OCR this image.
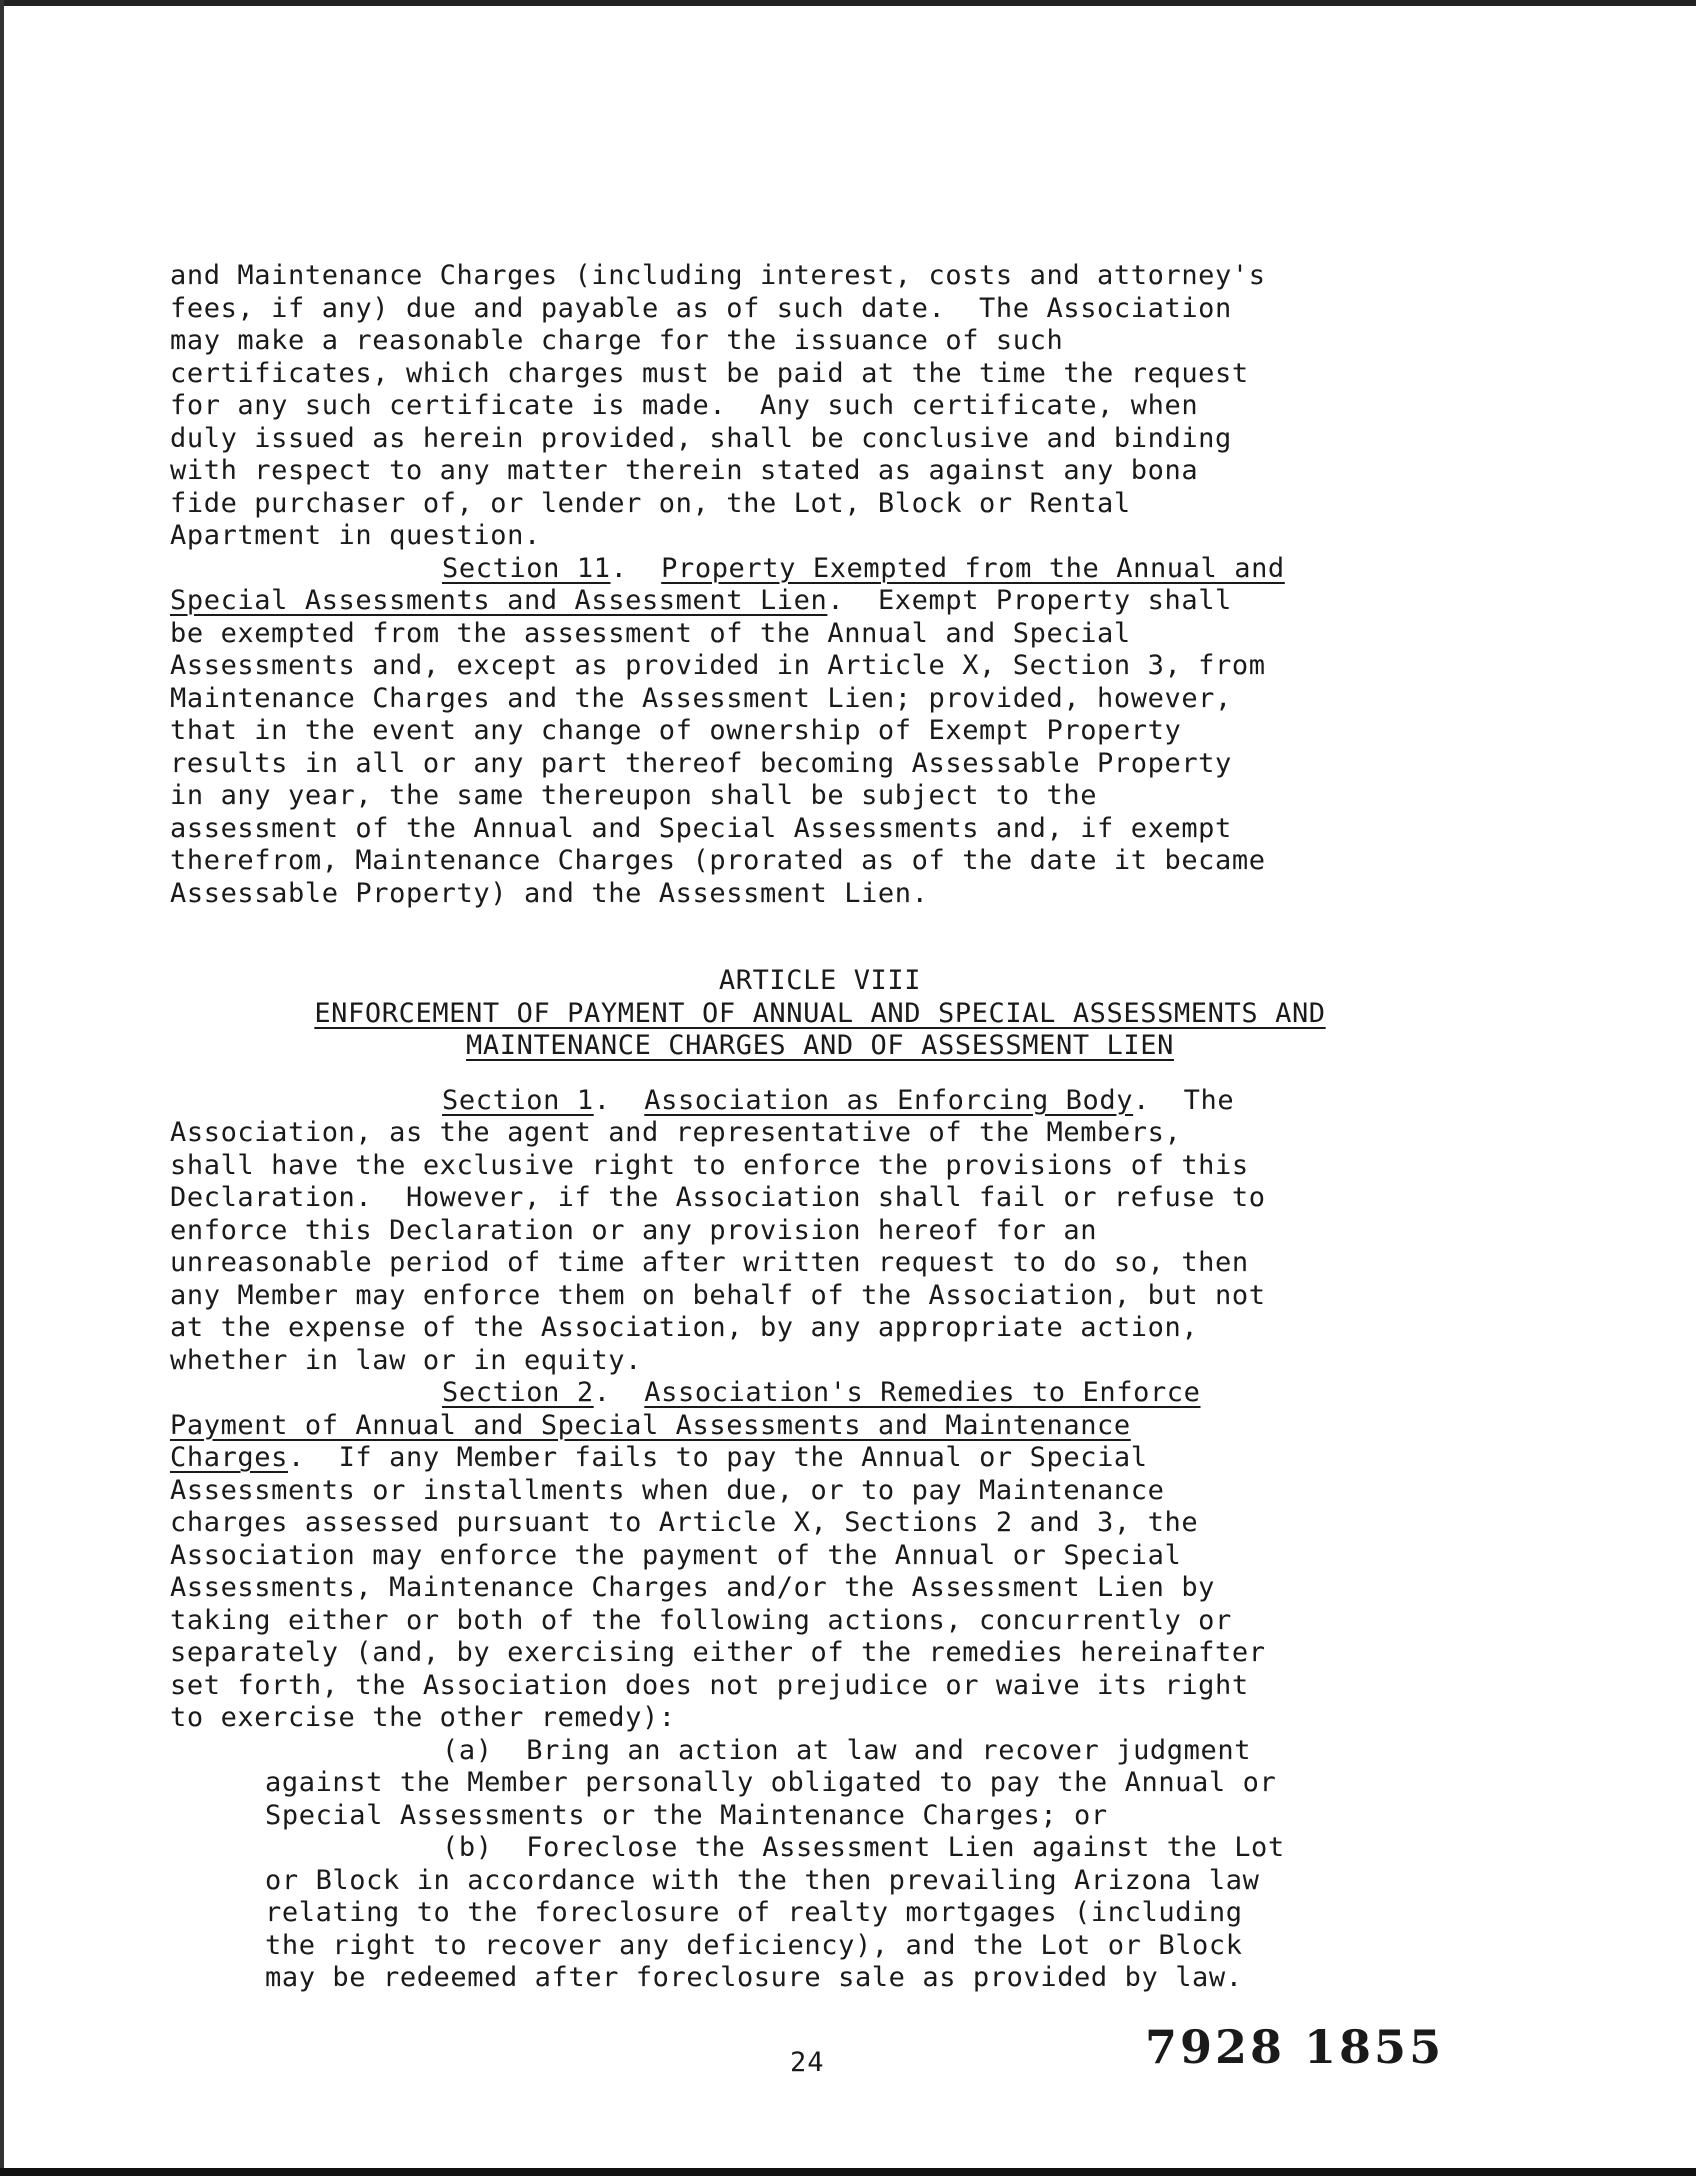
and Maintenance Charges (including interest, costs and attorney's
fees, if any) due and payable as of such date.  The Association
may make a reasonable charge for the issuance of such
certificates, which charges must be paid at the time the request
for any such certificate is made.  Any such certificate, when
duly issued as herein provided, shall be conclusive and binding
with respect to any matter therein stated as against any bona
fide purchaser of, or lender on, the Lot, Block or Rental
Apartment in question.
Section 11.  Property Exempted from the Annual and
Special Assessments and Assessment Lien.  Exempt Property shall
be exempted from the assessment of the Annual and Special
Assessments and, except as provided in Article X, Section 3, from
Maintenance Charges and the Assessment Lien; provided, however,
that in the event any change of ownership of Exempt Property
results in all or any part thereof becoming Assessable Property
in any year, the same thereupon shall be subject to the
assessment of the Annual and Special Assessments and, if exempt
therefrom, Maintenance Charges (prorated as of the date it became
Assessable Property) and the Assessment Lien.
ARTICLE VIII
ENFORCEMENT OF PAYMENT OF ANNUAL AND SPECIAL ASSESSMENTS AND
MAINTENANCE CHARGES AND OF ASSESSMENT LIEN
Section 1.  Association as Enforcing Body.  The
Association, as the agent and representative of the Members,
shall have the exclusive right to enforce the provisions of this
Declaration.  However, if the Association shall fail or refuse to
enforce this Declaration or any provision hereof for an
unreasonable period of time after written request to do so, then
any Member may enforce them on behalf of the Association, but not
at the expense of the Association, by any appropriate action,
whether in law or in equity.
Section 2.  Association's Remedies to Enforce
Payment of Annual and Special Assessments and Maintenance
Charges.  If any Member fails to pay the Annual or Special
Assessments or installments when due, or to pay Maintenance
charges assessed pursuant to Article X, Sections 2 and 3, the
Association may enforce the payment of the Annual or Special
Assessments, Maintenance Charges and/or the Assessment Lien by
taking either or both of the following actions, concurrently or
separately (and, by exercising either of the remedies hereinafter
set forth, the Association does not prejudice or waive its right
to exercise the other remedy):
(a)  Bring an action at law and recover judgment
against the Member personally obligated to pay the Annual or
Special Assessments or the Maintenance Charges; or
(b)  Foreclose the Assessment Lien against the Lot
or Block in accordance with the then prevailing Arizona law
relating to the foreclosure of realty mortgages (including
the right to recover any deficiency), and the Lot or Block
may be redeemed after foreclosure sale as provided by law.
24	7928 1855
